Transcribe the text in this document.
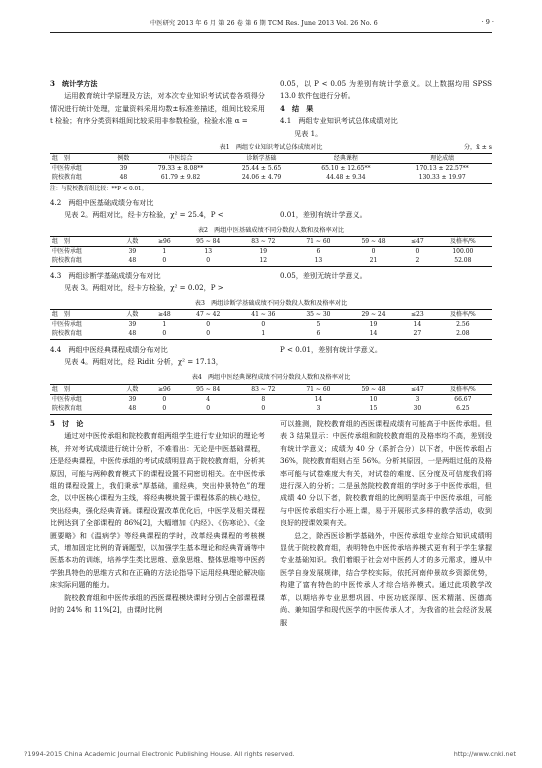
中医研究 2013 年 6 月 第 26 卷 第 6 期 TCM Res. June 2013 Vol. 26 No. 6	· 9 ·

3　统计学方法

运用教育统计学原理及方法，对本次专业知识考试试卷各项得分情况进行统计处理，定量资料采用均数±标准差描述，组间比较采用 t 检验；有序分类资料组间比较采用非参数检验，检验水准 α =

0.05，以 P < 0.05 为差别有统计学意义。以上数据均用 SPSS 13.0 软件包进行分析。

4　结　果

4.1　两组专业知识考试总体成绩对比

见表 1。

表1　两组专业知识考试总体成绩对比	分，x̄ ± s
组　别	例数	中医综合	诊断学基础	经典课程	理论成绩
中医传承组	39	79.33 ± 8.08**	25.44 ± 5.65	65.10 ± 12.65**	170.13 ± 22.57**
院校教育组	48	61.79 ± 9.82	24.06 ± 4.79	44.48 ± 9.34	130.33 ± 19.97
注：与院校教育组比较：**P < 0.01。

4.2　两组中医基础成绩分布对比

见表 2。两组对比，经卡方检验，χ² = 25.4，P <	0.01，差别有统计学意义。

表2　两组中医基础成绩不同分数段人数和及格率对比
组　别	人数	≥96	95 ~ 84	83 ~ 72	71 ~ 60	59 ~ 48	≤47	及格率/%
中医传承组	39	1	13	19	6	0	0	100.00
院校教育组	48	0	0	12	13	21	2	52.08

4.3　两组诊断学基础成绩分布对比

见表 3。两组对比，经卡方检验，χ² = 0.02，P >

0.05，差别无统计学意义。

表3　两组诊断学基础成绩不同分数段人数和及格率对比
组　别	人数	≥48	47 ~ 42	41 ~ 36	35 ~ 30	29 ~ 24	≤23	及格率/%
中医传承组	39	1	0	0	5	19	14	2.56
院校教育组	48	0	0	1	6	14	27	2.08

4.4　两组中医经典课程成绩分布对比

见表 4。两组对比，经 Ridit 分析，χ² = 17.13，

P < 0.01，差别有统计学意义。

表4　两组中医经典课程成绩不同分数段人数和及格率对比
组　别	人数	≥96	95 ~ 84	83 ~ 72	71 ~ 60	59 ~ 48	≤47	及格率/%
中医传承组	39	0	4	8	14	10	3	66.67
院校教育组	48	0	0	0	3	15	30	6.25

5　讨　论

通过对中医传承组和院校教育组两组学生进行专业知识的理论考核，并对考试成绩进行统计分析，不难看出：无论是中医基础课程，还是经典课程，中医传承组的考试成绩明显高于院校教育组，分析其原因，可能与两种教育模式下的课程设置不同密切相关。在中医传承组的课程设置上，我们秉承“厚基础，重经典，突出仲景特色”的理念，以中医核心课程为主线，将经典模块置于课程体系的核心地位，突出经典，强化经典背诵。课程设置改革优化后，中医学及相关课程比例达到了全部课程的 86%[2]，大幅增加《内经》、《伤寒论》、《金匮要略》和《温病学》等经典课程的学时，改革经典课程的考核模式，增加固定比例的背诵题型，以加强学生基本理论和经典背诵等中医基本功的训练，培养学生类比思维、意象思维、整体思维等中医药学独具特色的思维方式和在正确的方法论指导下运用经典理论解决临床实际问题的能力。

院校教育组和中医传承组的西医课程模块课时分别占全部课程课时的 24% 和 11%[2]，由课时比例

可以推测，院校教育组的西医课程成绩有可能高于中医传承组。但表 3 结果显示：中医传承组和院校教育组的及格率均不高，差别没有统计学意义；成绩为 40 分（系折合分）以下者，中医传承组占 36%，院校教育组则占至 56%。分析其原因，一是两组过低的及格率可能与试卷难度大有关，对试卷的难度、区分度及可信度我们将进行深入的分析；二是虽然院校教育组的学时多于中医传承组，但成绩 40 分以下者，院校教育组的比例明显高于中医传承组，可能与中医传承组实行小班上课，易于开展形式多样的教学活动，收到良好的授课效果有关。

总之，除西医诊断学基础外，中医传承组专业综合知识成绩明显优于院校教育组，表明特色中医传承培养模式更有利于学生掌握专业基础知识。我们着眼于社会对中医药人才的多元需求，遵从中医学自身发展规律，结合学校实际，依托河南仲景故乡资源优势，构建了富有特色的中医传承人才综合培养模式。通过此项教学改革，以期培养专业思想巩固、中医功底深厚、医术精湛、医德高尚、兼知国学和现代医学的中医传承人才，为我省的社会经济发展服

?1994-2015 China Academic Journal Electronic Publishing House. All rights reserved.	http://www.cnki.net
